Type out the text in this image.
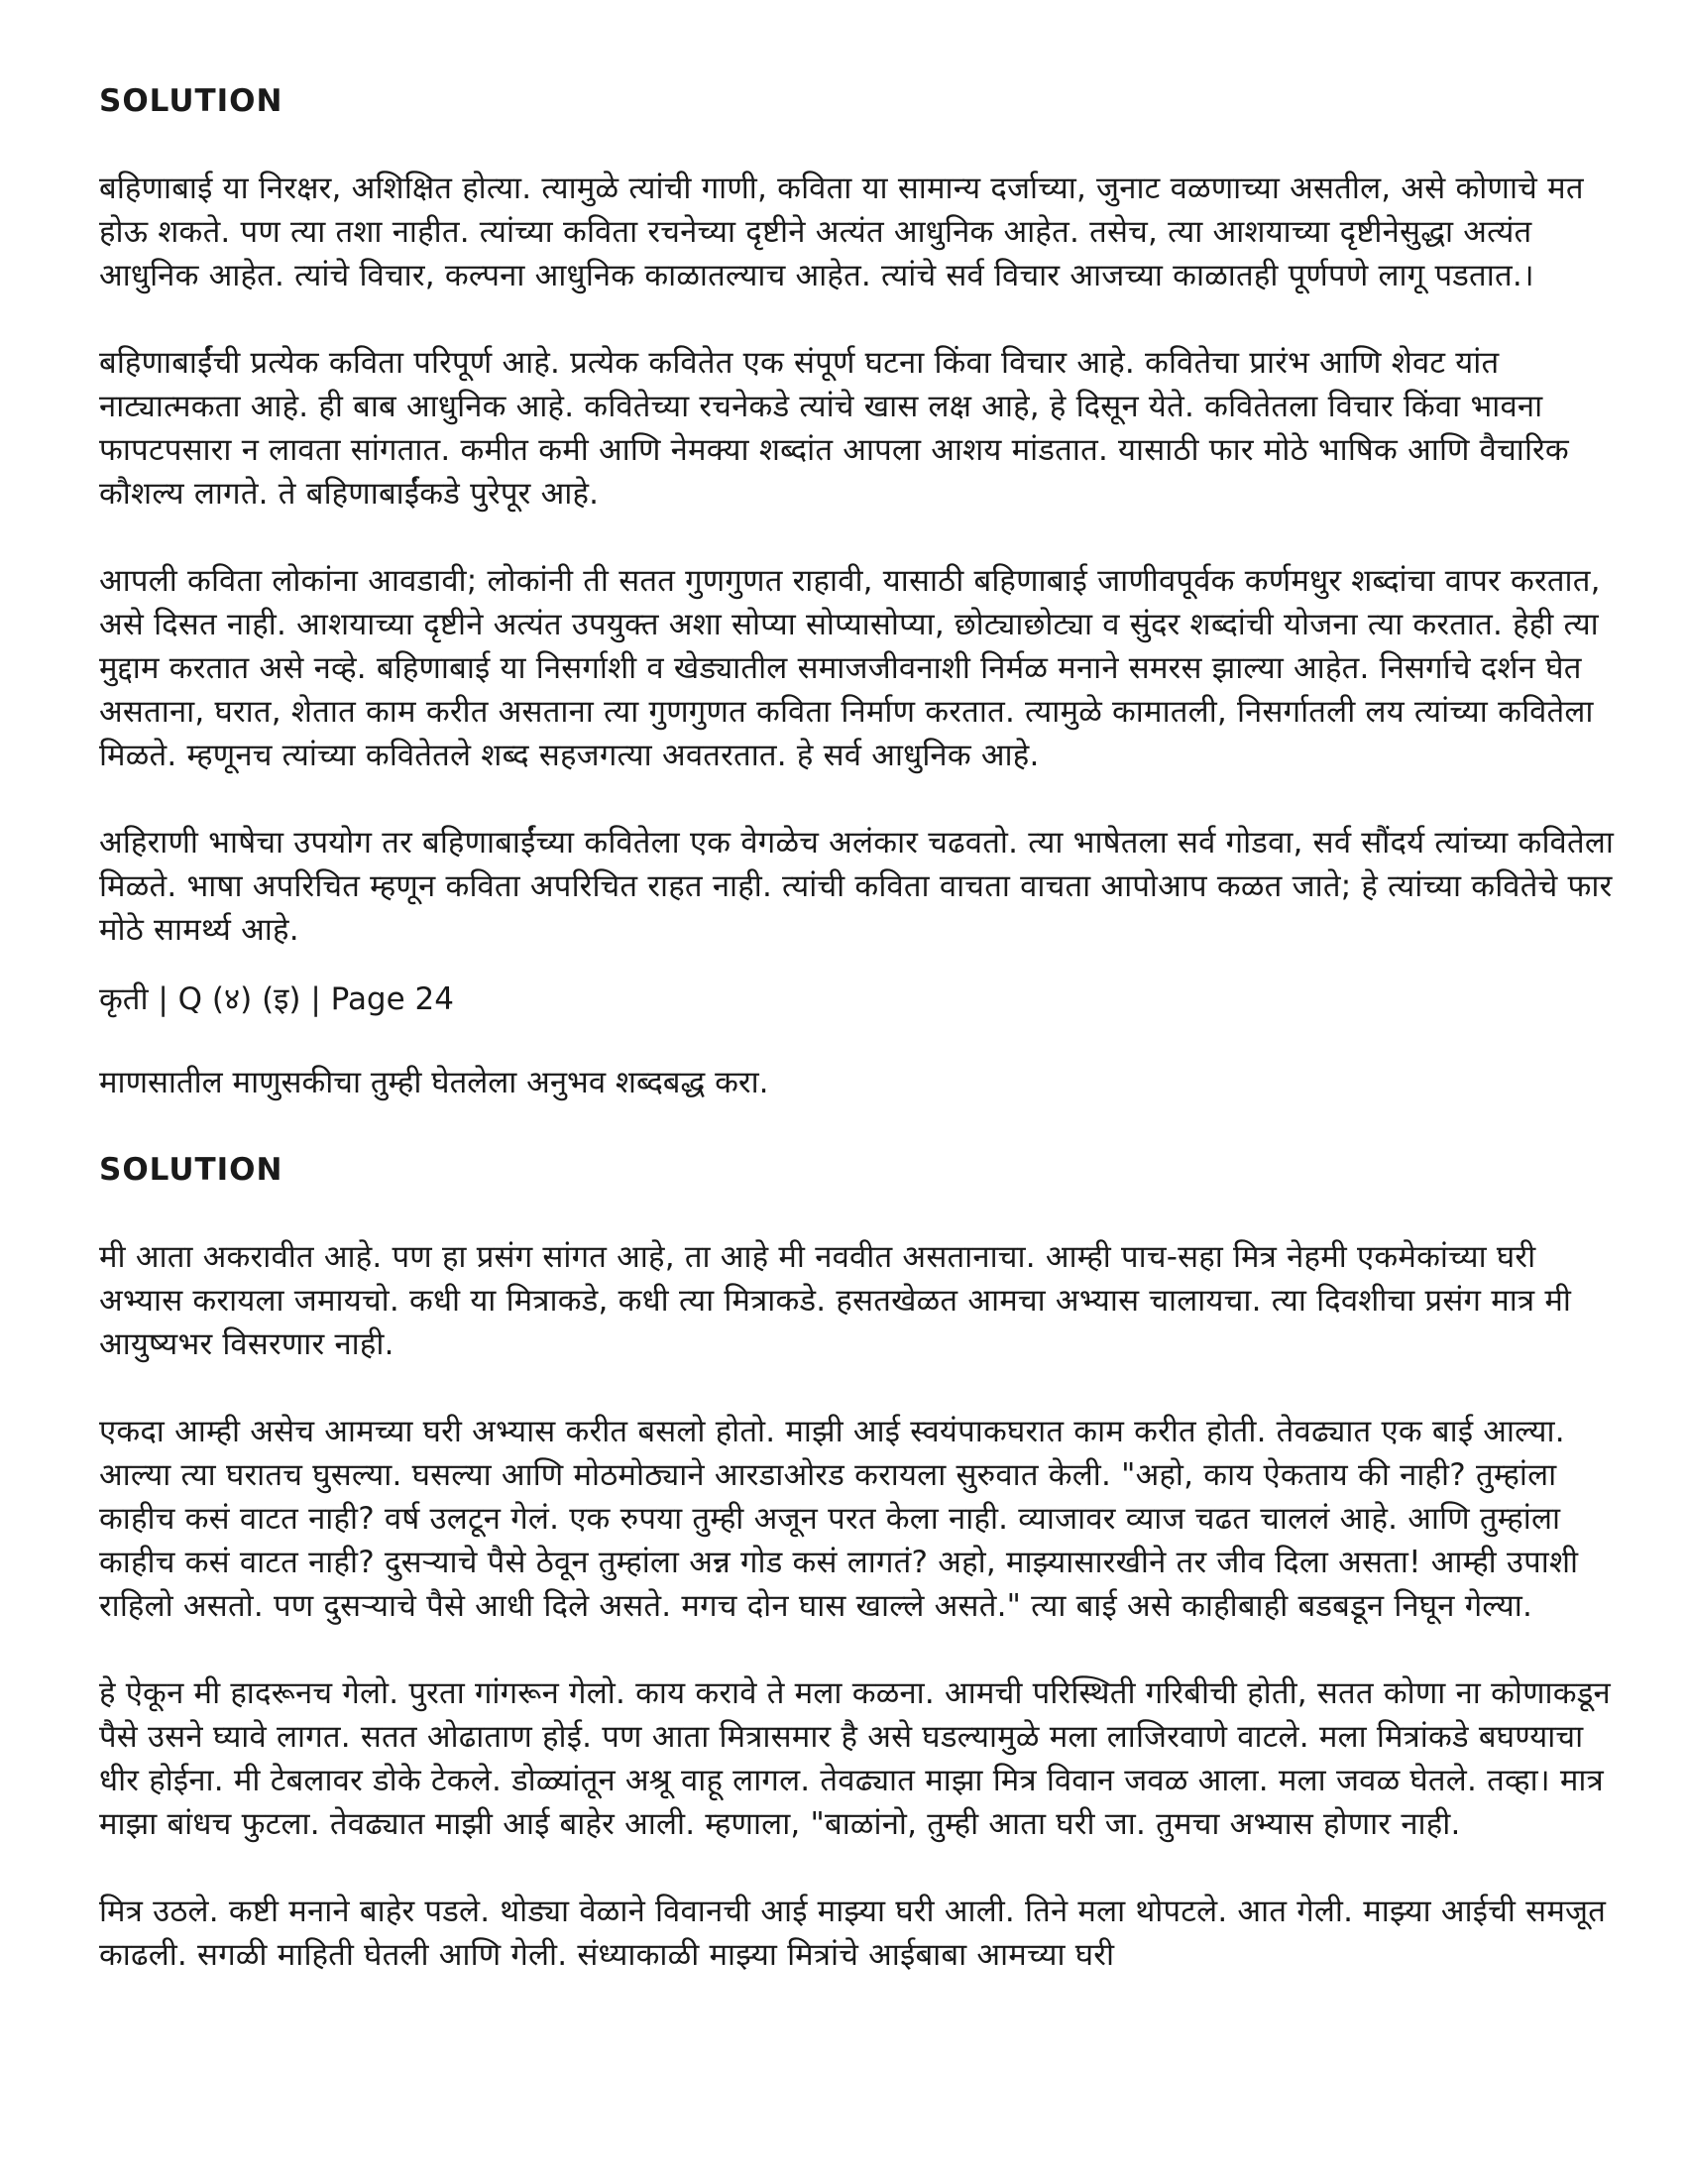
SOLUTION

बहिणाबाई या निरक्षर, अशिक्षित होत्या. त्यामुळे त्यांची गाणी, कविता या सामान्य दर्जाच्या, जुनाट वळणाच्या असतील, असे कोणाचे मत होऊ शकते. पण त्या तशा नाहीत. त्यांच्या कविता रचनेच्या दृष्टीने अत्यंत आधुनिक आहेत. तसेच, त्या आशयाच्या दृष्टीनेसुद्धा अत्यंत आधुनिक आहेत. त्यांचे विचार, कल्पना आधुनिक काळातल्याच आहेत. त्यांचे सर्व विचार आजच्या काळातही पूर्णपणे लागू पडतात.।

बहिणाबाईंची प्रत्येक कविता परिपूर्ण आहे. प्रत्येक कवितेत एक संपूर्ण घटना किंवा विचार आहे. कवितेचा प्रारंभ आणि शेवट यांत नाट्यात्मकता आहे. ही बाब आधुनिक आहे. कवितेच्या रचनेकडे त्यांचे खास लक्ष आहे, हे दिसून येते. कवितेतला विचार किंवा भावना फापटपसारा न लावता सांगतात. कमीत कमी आणि नेमक्या शब्दांत आपला आशय मांडतात. यासाठी फार मोठे भाषिक आणि वैचारिक कौशल्य लागते. ते बहिणाबाईंकडे पुरेपूर आहे.

आपली कविता लोकांना आवडावी; लोकांनी ती सतत गुणगुणत राहावी, यासाठी बहिणाबाई जाणीवपूर्वक कर्णमधुर शब्दांचा वापर करतात, असे दिसत नाही. आशयाच्या दृष्टीने अत्यंत उपयुक्त अशा सोप्या सोप्यासोप्या, छोट्याछोट्या व सुंदर शब्दांची योजना त्या करतात. हेही त्या मुद्दाम करतात असे नव्हे. बहिणाबाई या निसर्गाशी व खेड्यातील समाजजीवनाशी निर्मळ मनाने समरस झाल्या आहेत. निसर्गाचे दर्शन घेत असताना, घरात, शेतात काम करीत असताना त्या गुणगुणत कविता निर्माण करतात. त्यामुळे कामातली, निसर्गातली लय त्यांच्या कवितेला मिळते. म्हणूनच त्यांच्या कवितेतले शब्द सहजगत्या अवतरतात. हे सर्व आधुनिक आहे.

अहिराणी भाषेचा उपयोग तर बहिणाबाईंच्या कवितेला एक वेगळेच अलंकार चढवतो. त्या भाषेतला सर्व गोडवा, सर्व सौंदर्य त्यांच्या कवितेला मिळते. भाषा अपरिचित म्हणून कविता अपरिचित राहत नाही. त्यांची कविता वाचता वाचता आपोआप कळत जाते; हे त्यांच्या कवितेचे फार मोठे सामर्थ्य आहे.

कृती | Q (४) (इ) | Page 24
माणसातील माणुसकीचा तुम्ही घेतलेला अनुभव शब्दबद्ध करा.
SOLUTION

मी आता अकरावीत आहे. पण हा प्रसंग सांगत आहे, ता आहे मी नववीत असतानाचा. आम्ही पाच-सहा मित्र नेहमी एकमेकांच्या घरी अभ्यास करायला जमायचो. कधी या मित्राकडे, कधी त्या मित्राकडे. हसतखेळत आमचा अभ्यास चालायचा. त्या दिवशीचा प्रसंग मात्र मी आयुष्यभर विसरणार नाही.

एकदा आम्ही असेच आमच्या घरी अभ्यास करीत बसलो होतो. माझी आई स्वयंपाकघरात काम करीत होती. तेवढ्यात एक बाई आल्या. आल्या त्या घरातच घुसल्या. घसल्या आणि मोठमोठ्याने आरडाओरड करायला सुरुवात केली. "अहो, काय ऐकताय की नाही? तुम्हांला काहीच कसं वाटत नाही? वर्ष उलटून गेलं. एक रुपया तुम्ही अजून परत केला नाही. व्याजावर व्याज चढत चाललं आहे. आणि तुम्हांला काहीच कसं वाटत नाही? दुसऱ्याचे पैसे ठेवून तुम्हांला अन्न गोड कसं लागतं? अहो, माझ्यासारखीने तर जीव दिला असता! आम्ही उपाशी राहिलो असतो. पण दुसऱ्याचे पैसे आधी दिले असते. मगच दोन घास खाल्ले असते." त्या बाई असे काहीबाही बडबडून निघून गेल्या.

हे ऐकून मी हादरूनच गेलो. पुरता गांगरून गेलो. काय करावे ते मला कळना. आमची परिस्थिती गरिबीची होती, सतत कोणा ना कोणाकडून पैसे उसने घ्यावे लागत. सतत ओढाताण होई. पण आता मित्रासमार है असे घडल्यामुळे मला लाजिरवाणे वाटले. मला मित्रांकडे बघण्याचा धीर होईना. मी टेबलावर डोके टेकले. डोळ्यांतून अश्रू वाहू लागल. तेवढ्यात माझा मित्र विवान जवळ आला. मला जवळ घेतले. तव्हा। मात्र माझा बांधच फुटला. तेवढ्यात माझी आई बाहेर आली. म्हणाला, "बाळांनो, तुम्ही आता घरी जा. तुमचा अभ्यास होणार नाही.

मित्र उठले. कष्टी मनाने बाहेर पडले. थोड्या वेळाने विवानची आई माझ्या घरी आली. तिने मला थोपटले. आत गेली. माझ्या आईची समजूत काढली. सगळी माहिती घेतली आणि गेली. संध्याकाळी माझ्या मित्रांचे आईबाबा आमच्या घरी
